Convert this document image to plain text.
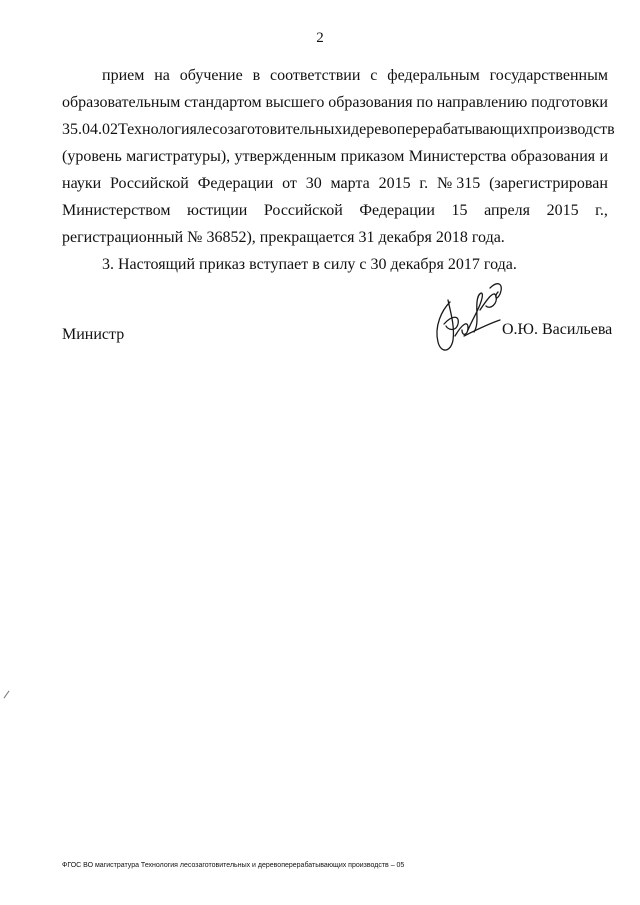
2
прием на обучение в соответствии с федеральным государственным
образовательным стандартом высшего образования по направлению подготовки
35.04.02 Технология лесозаготовительных и деревоперерабатывающих производств
(уровень магистратуры), утвержденным приказом Министерства образования и
науки Российской Федерации от 30 марта 2015 г. № 315 (зарегистрирован
Министерством юстиции Российской Федерации 15 апреля 2015 г.,
регистрационный № 36852), прекращается 31 декабря 2018 года.
3. Настоящий приказ вступает в силу с 30 декабря 2017 года.
Министр	О.Ю. Васильева
ФГОС ВО магистратура Технология лесозаготовительных и деревоперерабатывающих производств – 05
